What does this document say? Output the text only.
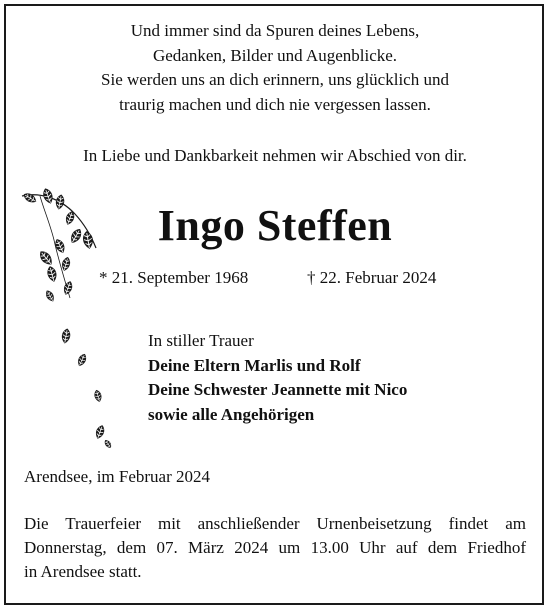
Und immer sind da Spuren deines Lebens,
Gedanken, Bilder und Augenblicke.
Sie werden uns an dich erinnern, uns glücklich und
traurig machen und dich nie vergessen lassen.
In Liebe und Dankbarkeit nehmen wir Abschied von dir.
Ingo Steffen
* 21. September 1968	† 22. Februar 2024
In stiller Trauer
Deine Eltern Marlis und Rolf
Deine Schwester Jeannette mit Nico
sowie alle Angehörigen
Arendsee, im Februar 2024
Die Trauerfeier mit anschließender Urnenbeisetzung findet am
Donnerstag, dem 07. März 2024 um 13.00 Uhr auf dem Friedhof
in Arendsee statt.
